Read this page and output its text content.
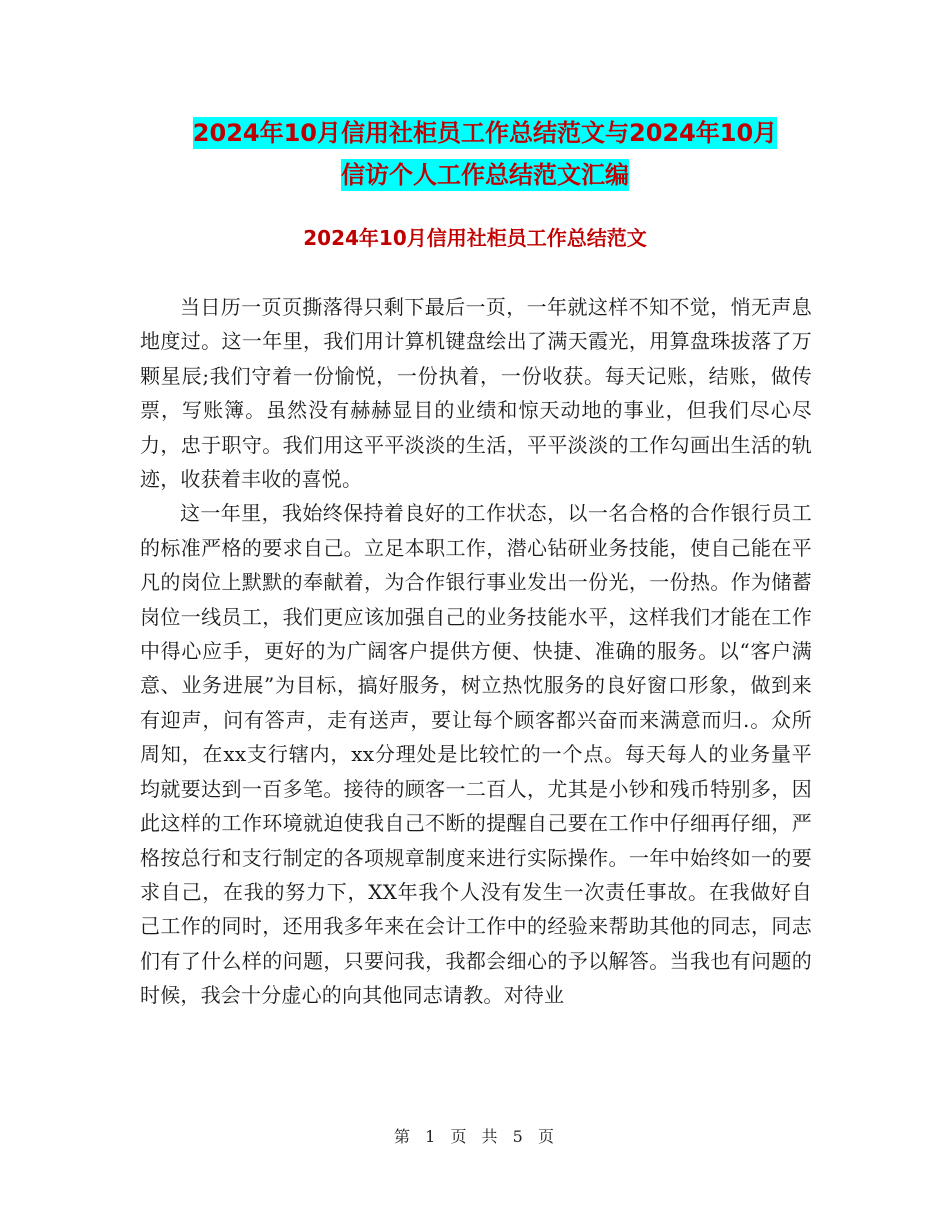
2024年10月信用社柜员工作总结范文与2024年10月
信访个人工作总结范文汇编
2024年10月信用社柜员工作总结范文

当日历一页页撕落得只剩下最后一页，一年就这样不知不觉，悄无声息地度过。这一年里，我们用计算机键盘绘出了满天霞光，用算盘珠拔落了万颗星辰;我们守着一份愉悦，一份执着，一份收获。每天记账，结账，做传票，写账簿。虽然没有赫赫显目的业绩和惊天动地的事业，但我们尽心尽力，忠于职守。我们用这平平淡淡的生活，平平淡淡的工作勾画出生活的轨迹，收获着丰收的喜悦。

这一年里，我始终保持着良好的工作状态，以一名合格的合作银行员工的标准严格的要求自己。立足本职工作，潜心钻研业务技能，使自己能在平凡的岗位上默默的奉献着，为合作银行事业发出一份光，一份热。作为储蓄岗位一线员工，我们更应该加强自己的业务技能水平，这样我们才能在工作中得心应手，更好的为广阔客户提供方便、快捷、准确的服务。以“客户满意、业务进展”为目标，搞好服务，树立热忱服务的良好窗口形象，做到来有迎声，问有答声，走有送声，要让每个顾客都兴奋而来满意而归.。众所周知，在xx支行辖内，xx分理处是比较忙的一个点。每天每人的业务量平均就要达到一百多笔。接待的顾客一二百人，尤其是小钞和残币特别多，因此这样的工作环境就迫使我自己不断的提醒自己要在工作中仔细再仔细，严格按总行和支行制定的各项规章制度来进行实际操作。一年中始终如一的要求自己，在我的努力下，XX年我个人没有发生一次责任事故。在我做好自己工作的同时，还用我多年来在会计工作中的经验来帮助其他的同志，同志们有了什么样的问题，只要问我，我都会细心的予以解答。当我也有问题的时候，我会十分虚心的向其他同志请教。对待业

第 1 页 共 5 页
